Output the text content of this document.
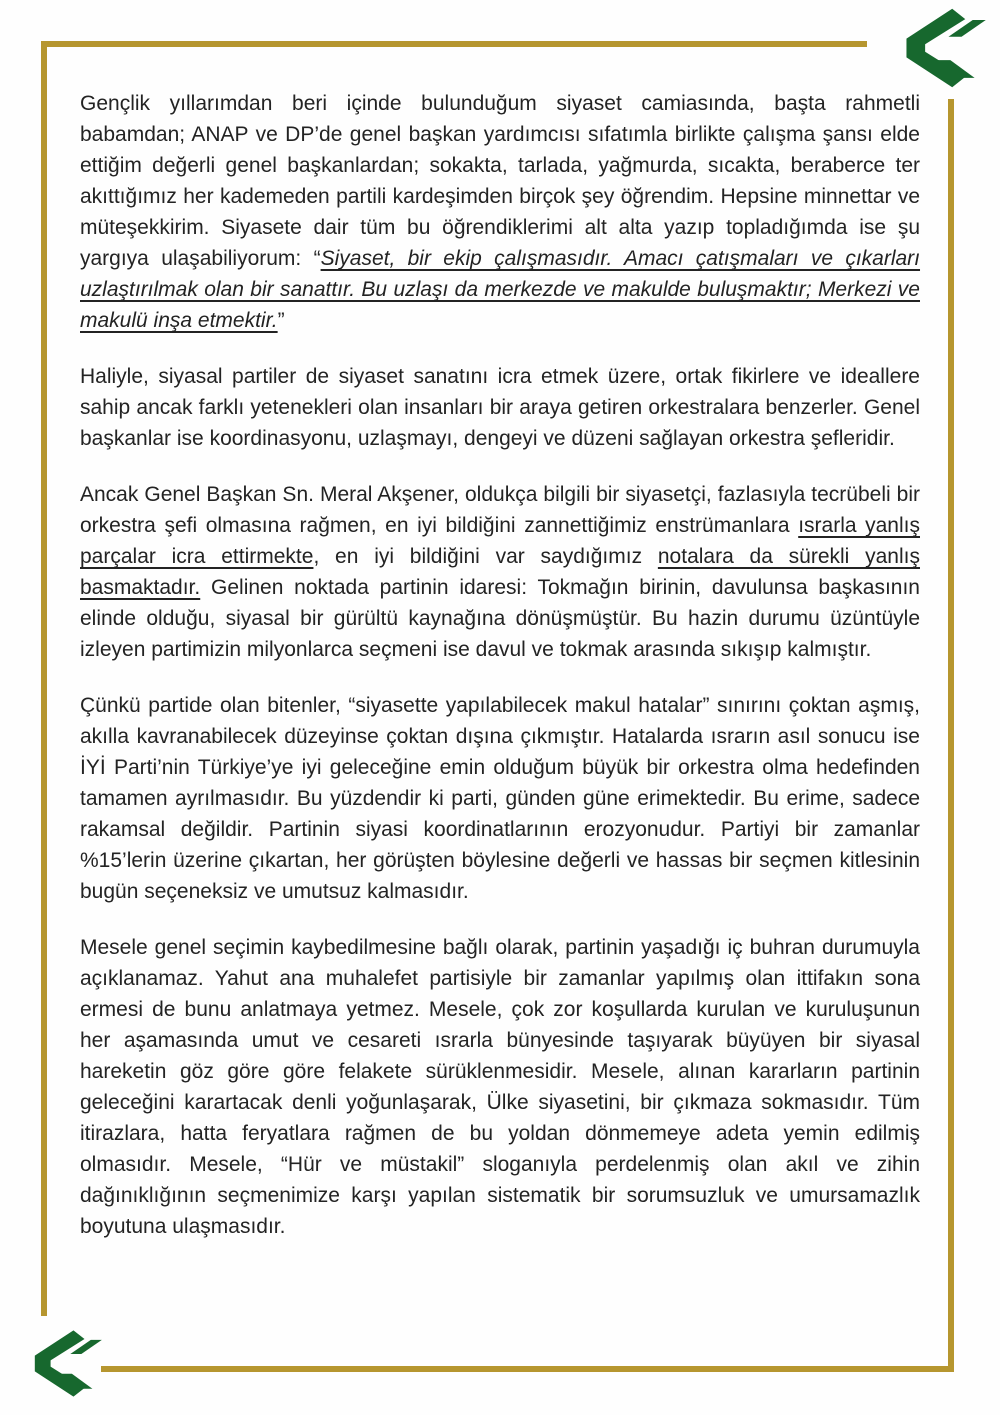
Gençlik yıllarımdan beri içinde bulunduğum siyaset camiasında, başta rahmetli babamdan; ANAP ve DP’de genel başkan yardımcısı sıfatımla birlikte çalışma şansı elde ettiğim değerli genel başkanlardan; sokakta, tarlada, yağmurda, sıcakta, beraberce ter akıttığımız her kademeden partili kardeşimden birçok şey öğrendim. Hepsine minnettar ve müteşekkirim. Siyasete dair tüm bu öğrendiklerimi alt alta yazıp topladığımda ise şu yargıya ulaşabiliyorum: “Siyaset, bir ekip çalışmasıdır. Amacı çatışmaları ve çıkarları uzlaştırılmak olan bir sanattır. Bu uzlaşı da merkezde ve makulde buluşmaktır; Merkezi ve makulü inşa etmektir.”

Haliyle, siyasal partiler de siyaset sanatını icra etmek üzere, ortak fikirlere ve ideallere sahip ancak farklı yetenekleri olan insanları bir araya getiren orkestralara benzerler. Genel başkanlar ise koordinasyonu, uzlaşmayı, dengeyi ve düzeni sağlayan orkestra şefleridir.

Ancak Genel Başkan Sn. Meral Akşener, oldukça bilgili bir siyasetçi, fazlasıyla tecrübeli bir orkestra şefi olmasına rağmen, en iyi bildiğini zannettiğimiz enstrümanlara ısrarla yanlış parçalar icra ettirmekte, en iyi bildiğini var saydığımız notalara da sürekli yanlış basmaktadır. Gelinen noktada partinin idaresi: Tokmağın birinin, davulunsa başkasının elinde olduğu, siyasal bir gürültü kaynağına dönüşmüştür. Bu hazin durumu üzüntüyle izleyen partimizin milyonlarca seçmeni ise davul ve tokmak arasında sıkışıp kalmıştır.

Çünkü partide olan bitenler, “siyasette yapılabilecek makul hatalar” sınırını çoktan aşmış, akılla kavranabilecek düzeyinse çoktan dışına çıkmıştır. Hatalarda ısrarın asıl sonucu ise İYİ Parti’nin Türkiye’ye iyi geleceğine emin olduğum büyük bir orkestra olma hedefinden tamamen ayrılmasıdır. Bu yüzdendir ki parti, günden güne erimektedir. Bu erime, sadece rakamsal değildir. Partinin siyasi koordinatlarının erozyonudur. Partiyi bir zamanlar %15’lerin üzerine çıkartan, her görüşten böylesine değerli ve hassas bir seçmen kitlesinin bugün seçeneksiz ve umutsuz kalmasıdır.

Mesele genel seçimin kaybedilmesine bağlı olarak, partinin yaşadığı iç buhran durumuyla açıklanamaz. Yahut ana muhalefet partisiyle bir zamanlar yapılmış olan ittifakın sona ermesi de bunu anlatmaya yetmez. Mesele, çok zor koşullarda kurulan ve kuruluşunun her aşamasında umut ve cesareti ısrarla bünyesinde taşıyarak büyüyen bir siyasal hareketin göz göre göre felakete sürüklenmesidir. Mesele, alınan kararların partinin geleceğini karartacak denli yoğunlaşarak, Ülke siyasetini, bir çıkmaza sokmasıdır. Tüm itirazlara, hatta feryatlara rağmen de bu yoldan dönmemeye adeta yemin edilmiş olmasıdır. Mesele, “Hür ve müstakil” sloganıyla perdelenmiş olan akıl ve zihin dağınıklığının seçmenimize karşı yapılan sistematik bir sorumsuzluk ve umursamazlık boyutuna ulaşmasıdır.
